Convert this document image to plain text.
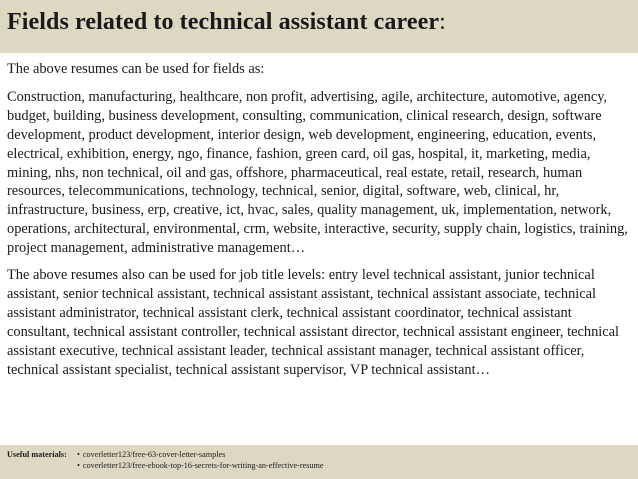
Fields related to technical assistant career:

The above resumes can be used for fields as:

Construction, manufacturing, healthcare, non profit, advertising, agile, architecture, automotive, agency, budget, building, business development, consulting, communication, clinical research, design, software development, product development, interior design, web development, engineering, education, events, electrical, exhibition, energy, ngo, finance, fashion, green card, oil gas, hospital, it, marketing, media, mining, nhs, non technical, oil and gas, offshore, pharmaceutical, real estate, retail, research, human resources, telecommunications, technology, technical, senior, digital, software, web, clinical, hr, infrastructure, business, erp, creative, ict, hvac, sales, quality management, uk, implementation, network, operations, architectural, environmental, crm, website, interactive, security, supply chain, logistics, training, project management, administrative management…

The above resumes also can be used for job title levels: entry level technical assistant, junior technical assistant, senior technical assistant, technical assistant assistant, technical assistant associate, technical assistant administrator, technical assistant clerk, technical assistant coordinator, technical assistant consultant, technical assistant controller, technical assistant director, technical assistant engineer, technical assistant executive, technical assistant leader, technical assistant manager, technical assistant officer, technical assistant specialist, technical assistant supervisor, VP technical assistant…

Useful materials:	• coverletter123/free-63-cover-letter-samples
• coverletter123/free-ebook-top-16-secrets-for-writing-an-effective-resume
